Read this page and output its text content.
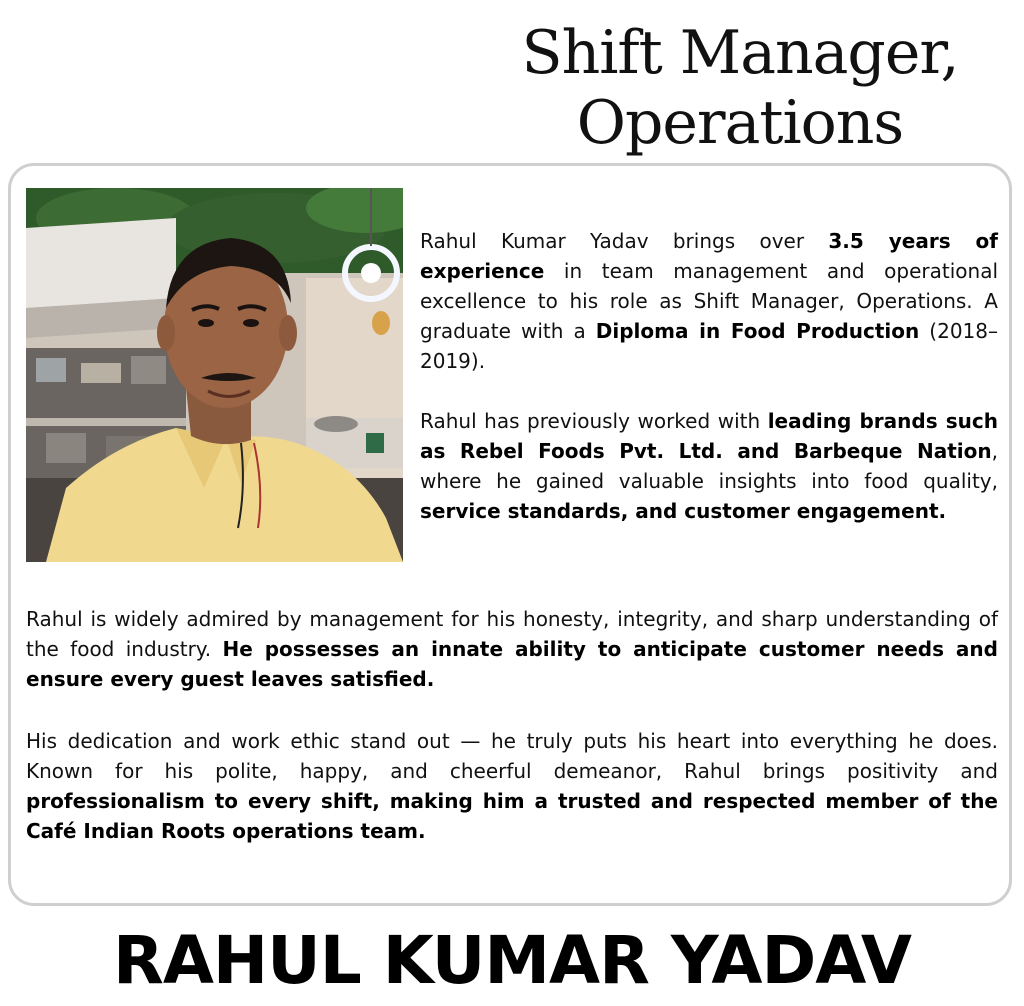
Shift Manager,
Operations

Rahul Kumar Yadav brings over 3.5 years of experience in team management and operational excellence to his role as Shift Manager, Operations. A graduate with a Diploma in Food Production (2018–2019).

Rahul has previously worked with leading brands such as Rebel Foods Pvt. Ltd. and Barbeque Nation, where he gained valuable insights into food quality, service standards, and customer engagement.

Rahul is widely admired by management for his honesty, integrity, and sharp understanding of the food industry. He possesses an innate ability to anticipate customer needs and ensure every guest leaves satisfied.

His dedication and work ethic stand out — he truly puts his heart into everything he does. Known for his polite, happy, and cheerful demeanor, Rahul brings positivity and professionalism to every shift, making him a trusted and respected member of the Café Indian Roots operations team.

RAHUL KUMAR YADAV
